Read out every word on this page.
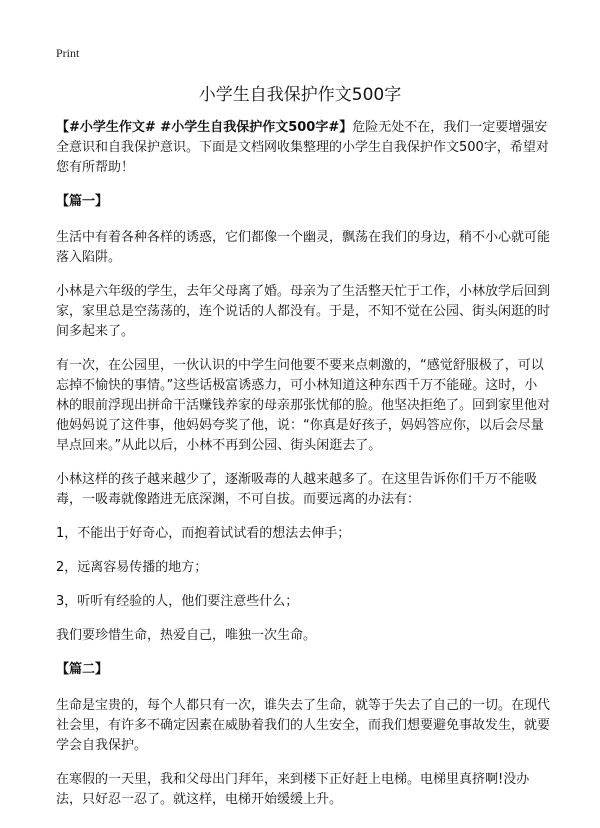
Print
小学生自我保护作文500字

【#小学生作文# #小学生自我保护作文500字#】危险无处不在，我们一定要增强安全意识和自我保护意识。下面是文档网收集整理的小学生自我保护作文500字，希望对您有所帮助！

【篇一】

生活中有着各种各样的诱惑，它们都像一个幽灵，飘荡在我们的身边，稍不小心就可能落入陷阱。

小林是六年级的学生，去年父母离了婚。母亲为了生活整天忙于工作，小林放学后回到家，家里总是空荡荡的，连个说话的人都没有。于是，不知不觉在公园、街头闲逛的时间多起来了。

有一次，在公园里，一伙认识的中学生问他要不要来点刺激的，“感觉舒服极了，可以忘掉不愉快的事情。”这些话极富诱惑力，可小林知道这种东西千万不能碰。这时，小林的眼前浮现出拼命干活赚钱养家的母亲那张忧郁的脸。他坚决拒绝了。回到家里他对他妈妈说了这件事，他妈妈夸奖了他，说：“你真是好孩子，妈妈答应你，以后会尽量早点回来。”从此以后，小林不再到公园、街头闲逛去了。

小林这样的孩子越来越少了，逐渐吸毒的人越来越多了。在这里告诉你们千万不能吸毒，一吸毒就像踏进无底深渊，不可自拔。而要远离的办法有：

1，不能出于好奇心，而抱着试试看的想法去伸手；

2，远离容易传播的地方；

3，听听有经验的人，他们要注意些什么；

我们要珍惜生命，热爱自己，唯独一次生命。

【篇二】

生命是宝贵的，每个人都只有一次，谁失去了生命，就等于失去了自己的一切。在现代社会里，有许多不确定因素在威胁着我们的人生安全，而我们想要避免事故发生，就要学会自我保护。

在寒假的一天里，我和父母出门拜年，来到楼下正好赶上电梯。电梯里真挤啊!没办法，只好忍一忍了。就这样，电梯开始缓缓上升。
